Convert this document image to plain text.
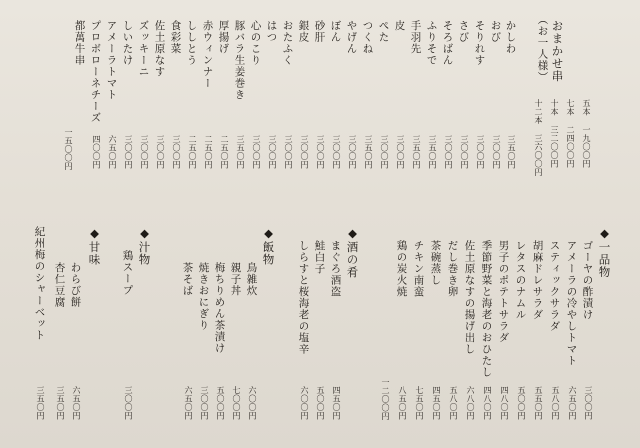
おまかせ串
（お一人様）
五本 一九〇〇円
七本 二四〇〇円
十本 三二〇〇円
十二本 三六〇〇円
かしわ
三五〇円
おび
三〇〇円
そりれす
三〇〇円
さび
三〇〇円
そろばん
三〇〇円
ふりそで
三五〇円
手羽先
三五〇円
皮
三〇〇円
ぺた
三〇〇円
つくね
三五〇円
やげん
三〇〇円
ぼん
三〇〇円
砂肝
三〇〇円
銀皮
三〇〇円
おたふく
三〇〇円
はつ
三〇〇円
心のこり
三〇〇円
豚バラ生姜巻き
三五〇円
厚揚げ
二五〇円
赤ウィンナー
二五〇円
ししとう
二五〇円
食彩菜
三〇〇円
佐土原なす
三〇〇円
ズッキーニ
三〇〇円
しいたけ
三〇〇円
アメーラトマト
六五〇円
プロボローネチーズ
四〇〇円
都萬牛串
一五〇〇円
◆一品物
ゴーヤの酢漬け
三〇〇円
アメーラの冷やしトマト
六五〇円
スティックサラダ
五八〇円
胡麻ドレサラダ
五五〇円
レタスのナムル
五〇〇円
男子のポテトサラダ
四八〇円
季節野菜と海老のおひたし
四八〇円
佐土原なすの揚げ出し
六八〇円
だし巻き卵
五八〇円
茶碗蒸し
四五〇円
チキン南蛮
七五〇円
鶏の炭火焼
八五〇円
一二〇〇円
◆酒の肴
まぐろ酒盗
四五〇円
鮭白子
五〇〇円
しらすと桜海老の塩辛
六〇〇円
◆飯物
鳥雑炊
六〇〇円
親子丼
七〇〇円
梅ちりめん茶漬け
五〇〇円
焼きおにぎり
三〇〇円
茶そば
六五〇円
◆汁物
鶏スープ
三〇〇円
◆甘味
わらび餅
六五〇円
杏仁豆腐
三五〇円
紀州梅のシャーベット
三五〇円
